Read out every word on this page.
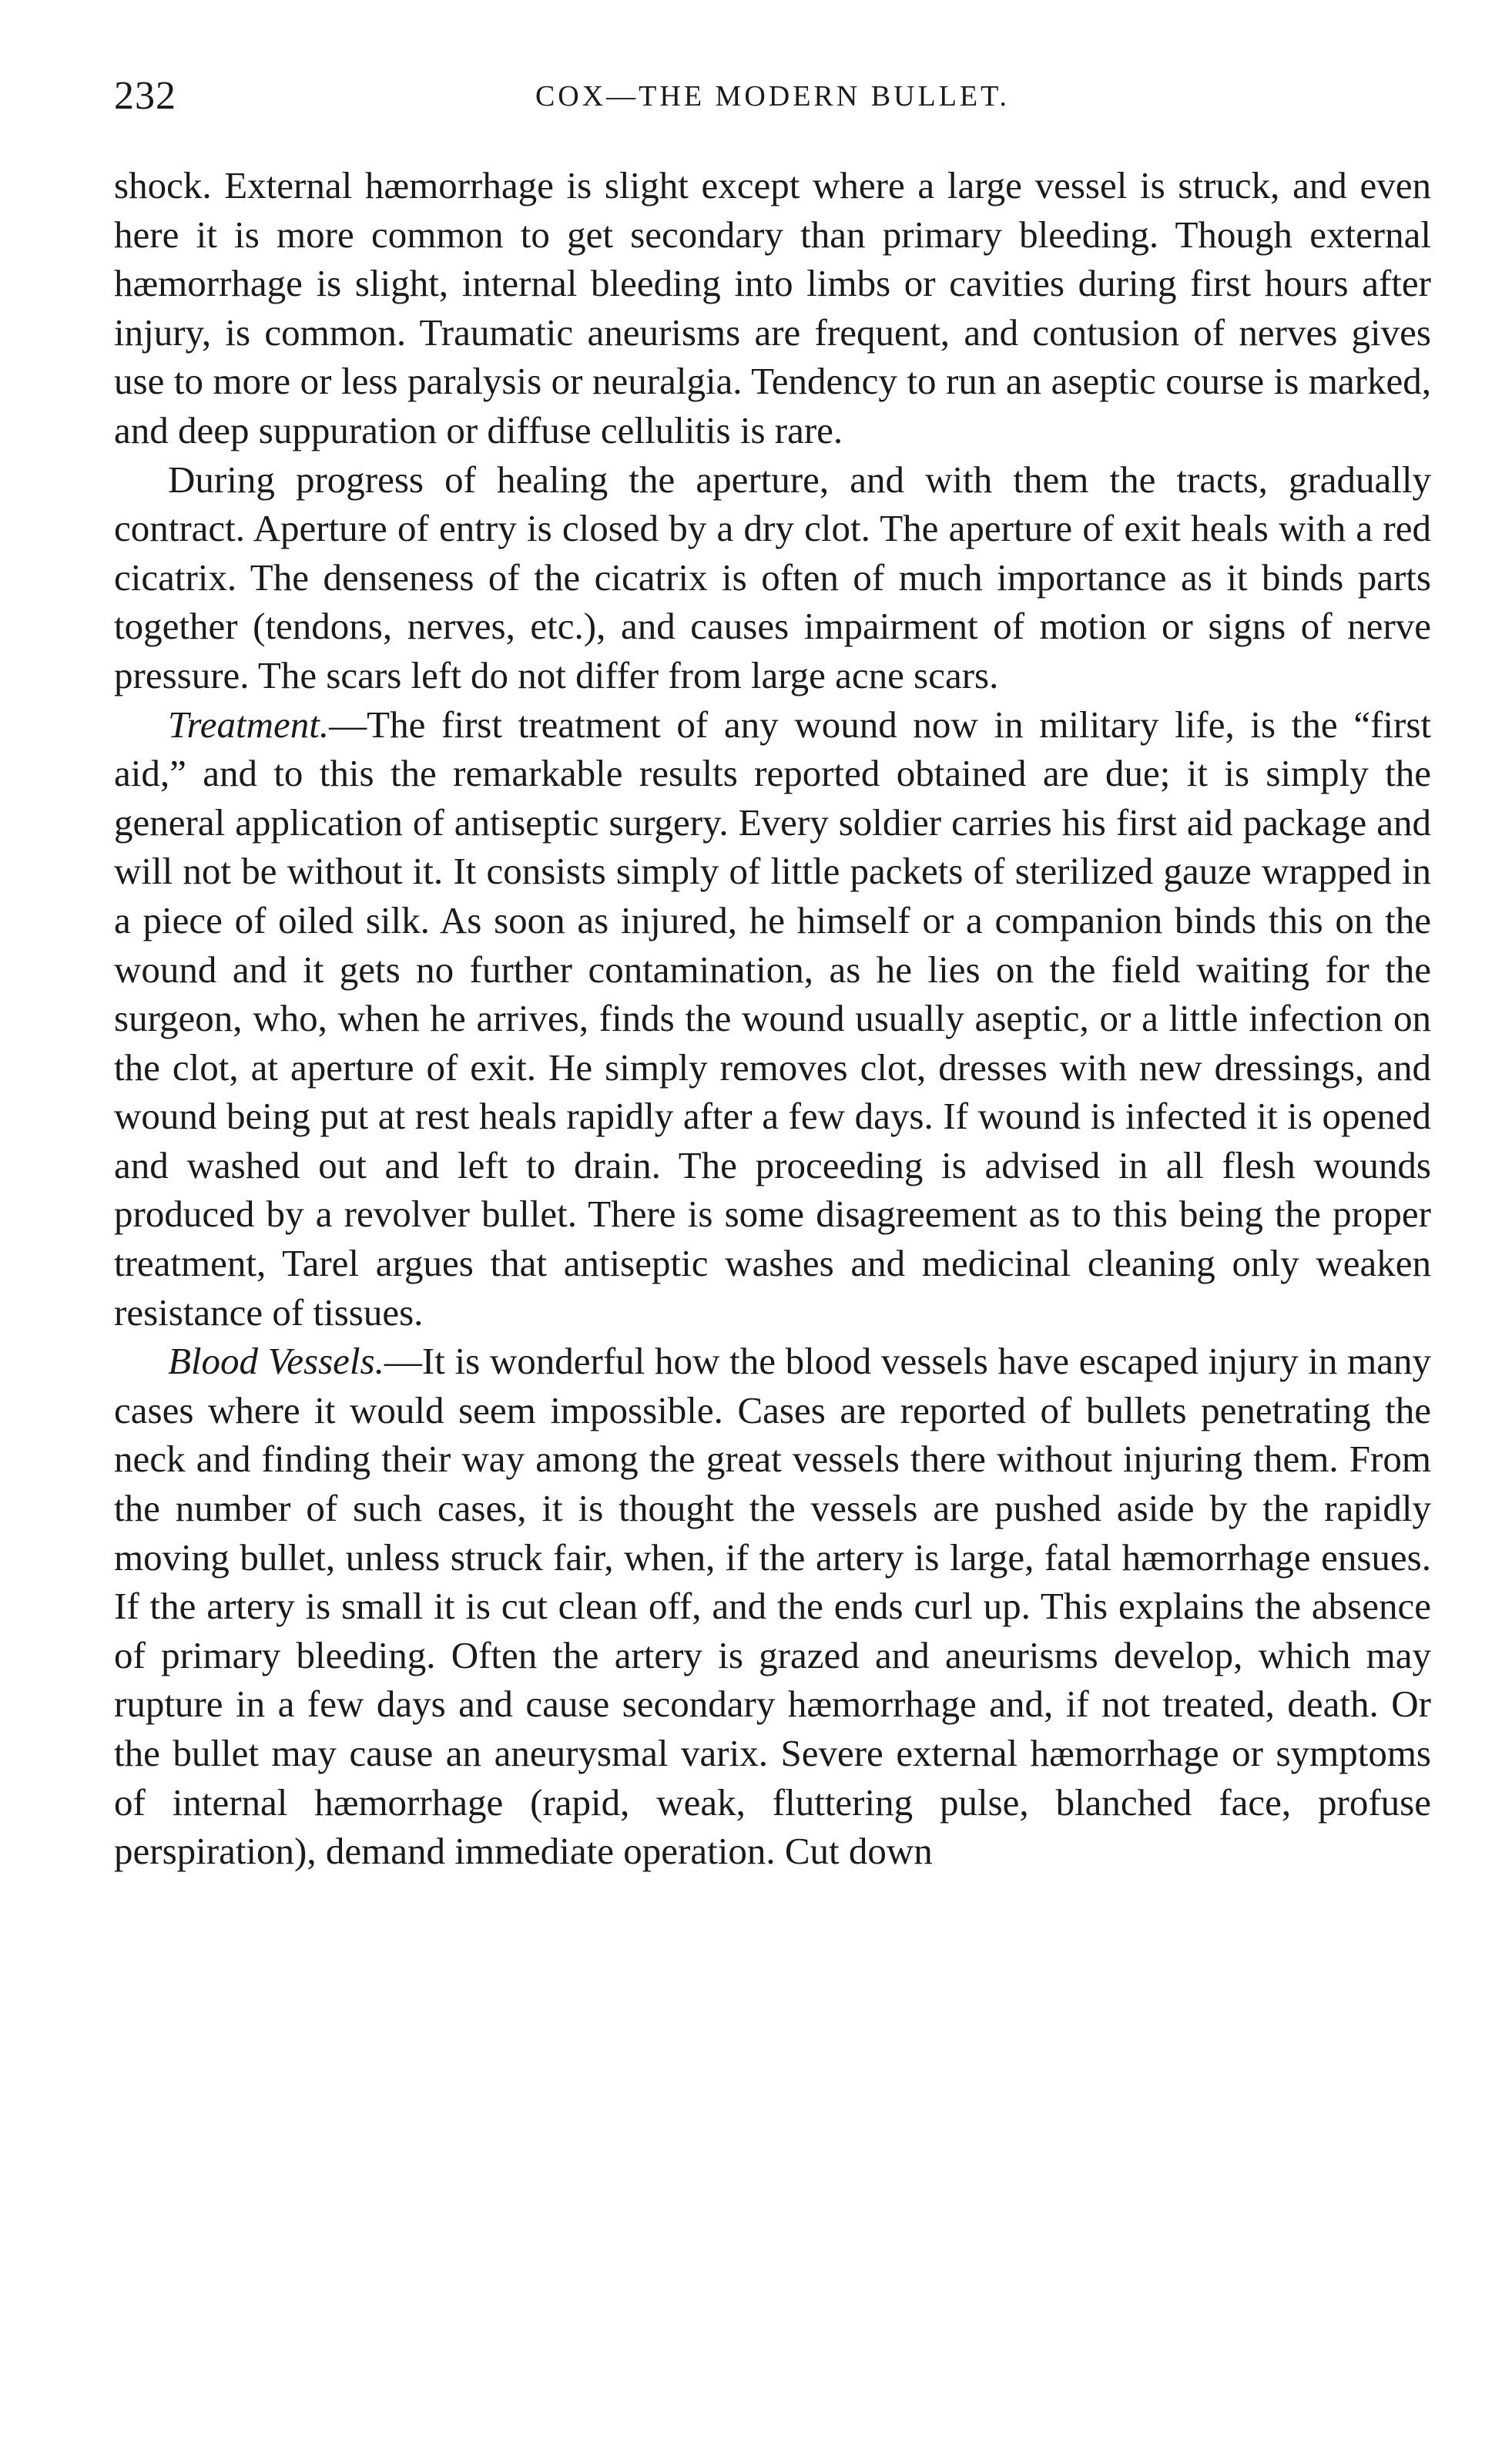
232	COX—THE MODERN BULLET.

shock. External hæmorrhage is slight except where a large vessel is struck, and even here it is more common to get secondary than primary bleeding. Though external hæmorrhage is slight, internal bleeding into limbs or cavities during first hours after injury, is common. Traumatic aneurisms are frequent, and contusion of nerves gives use to more or less paralysis or neuralgia. Tendency to run an aseptic course is marked, and deep suppuration or diffuse cellulitis is rare.

During progress of healing the aperture, and with them the tracts, gradually contract. Aperture of entry is closed by a dry clot. The aperture of exit heals with a red cicatrix. The denseness of the cicatrix is often of much importance as it binds parts together (tendons, nerves, etc.), and causes impairment of motion or signs of nerve pressure. The scars left do not differ from large acne scars.

Treatment.—The first treatment of any wound now in military life, is the “first aid,” and to this the remarkable results reported obtained are due; it is simply the general application of antiseptic surgery. Every soldier carries his first aid package and will not be without it. It consists simply of little packets of sterilized gauze wrapped in a piece of oiled silk. As soon as injured, he himself or a companion binds this on the wound and it gets no further contamination, as he lies on the field waiting for the surgeon, who, when he arrives, finds the wound usually aseptic, or a little infection on the clot, at aperture of exit. He simply removes clot, dresses with new dressings, and wound being put at rest heals rapidly after a few days. If wound is infected it is opened and washed out and left to drain. The proceeding is advised in all flesh wounds produced by a revolver bullet. There is some disagreement as to this being the proper treatment, Tarel argues that antiseptic washes and medicinal cleaning only weaken resistance of tissues.

Blood Vessels.—It is wonderful how the blood vessels have escaped injury in many cases where it would seem impossible. Cases are reported of bullets penetrating the neck and finding their way among the great vessels there without injuring them. From the number of such cases, it is thought the vessels are pushed aside by the rapidly moving bullet, unless struck fair, when, if the artery is large, fatal hæmorrhage ensues. If the artery is small it is cut clean off, and the ends curl up. This explains the absence of primary bleeding. Often the artery is grazed and aneurisms develop, which may rupture in a few days and cause secondary hæmorrhage and, if not treated, death. Or the bullet may cause an aneurysmal varix. Severe external hæmorrhage or symptoms of internal hæmorrhage (rapid, weak, fluttering pulse, blanched face, profuse perspiration), demand immediate operation. Cut down
